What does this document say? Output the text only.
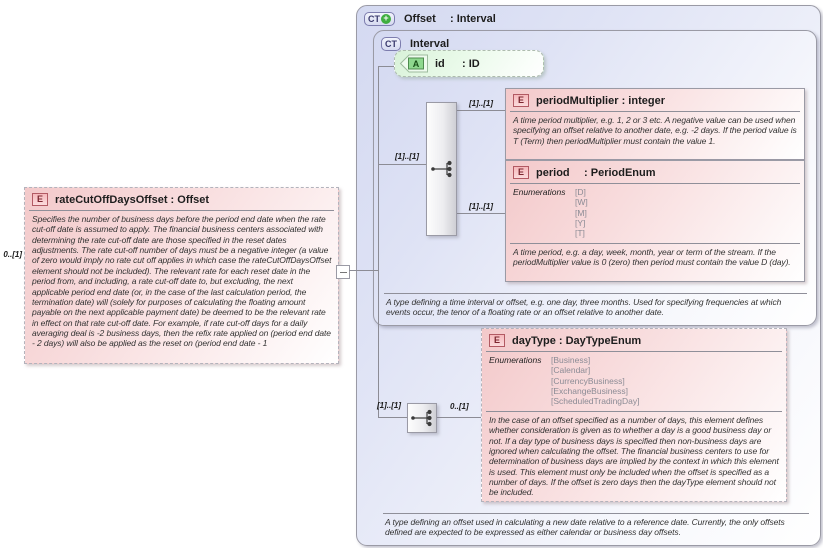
CT + Offset : Interval
A type defining an offset used in calculating a new date relative to a reference date. Currently, the only offsets defined are expected to be expressed as either calendar or business day offsets.
CT Interval
A type defining a time interval or offset, e.g. one day, three months. Used for specifying frequencies at which events occur, the tenor of a floating rate or an offset relative to another date.
0..[1]
E	rateCutOffDaysOffset : Offset
Specifies the number of business days before the period end date when the rate cut-off date is assumed to apply. The financial business centers associated with determining the rate cut-off date are those specified in the reset dates adjustments. The rate cut-off number of days must be a negative integer (a value of zero would imply no rate cut off applies in which case the rateCutOffDaysOffset element should not be included). The relevant rate for each reset date in the period from, and including, a rate cut-off date to, but excluding, the next applicable period end date (or, in the case of the last calculation period, the termination date) will (solely for purposes of calculating the floating amount payable on the next applicable payment date) be deemed to be the relevant rate in effect on that rate cut-off date. For example, if rate cut-off days for a daily averaging deal is -2 business days, then the refix rate applied on (period end date - 2 days) will also be applied as the reset on (period end date - 1
A id : ID
[1]..[1]
[1]..[1]	E	periodMultiplier : integer
A time period multiplier, e.g. 1, 2 or 3 etc. A negative value can be used when specifying an offset relative to another date, e.g. -2 days. If the period value is T (Term) then periodMultiplier must contain the value 1.
[1]..[1]
E	period : PeriodEnum
Enumerations	[D]
[W]
[M]
[Y]
[T]
A time period, e.g. a day, week, month, year or term of the stream. If the periodMultiplier value is 0 (zero) then period must contain the value D (day).
[1]..[1]	0..[1]
E	dayType : DayTypeEnum
Enumerations	[Business]
[Calendar]
[CurrencyBusiness]
[ExchangeBusiness]
[ScheduledTradingDay]
In the case of an offset specified as a number of days, this element defines whether consideration is given as to whether a day is a good business day or not. If a day type of business days is specified then non-business days are ignored when calculating the offset. The financial business centers to use for determination of business days are implied by the context in which this element is used. This element must only be included when the offset is specified as a number of days. If the offset is zero days then the dayType element should not be included.
